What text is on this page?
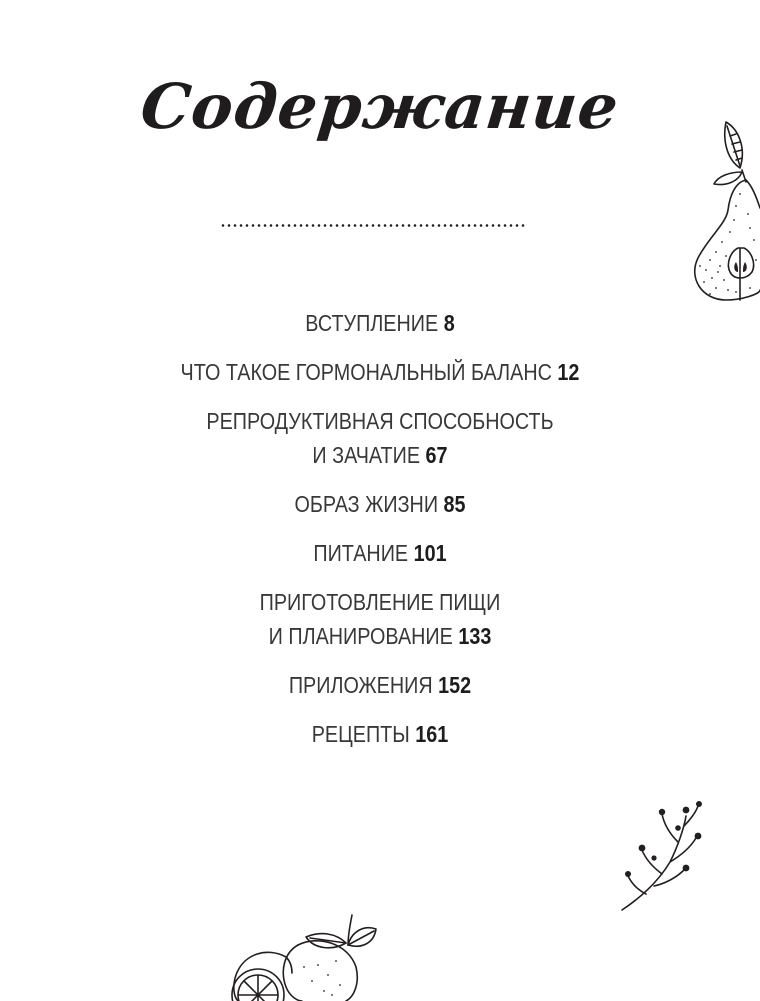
Содержание
ВСТУПЛЕНИЕ 8
ЧТО ТАКОЕ ГОРМОНАЛЬНЫЙ БАЛАНС 12
РЕПРОДУКТИВНАЯ СПОСОБНОСТЬ
И ЗАЧАТИЕ 67
ОБРАЗ ЖИЗНИ 85
ПИТАНИЕ 101
ПРИГОТОВЛЕНИЕ ПИЩИ
И ПЛАНИРОВАНИЕ 133
ПРИЛОЖЕНИЯ 152
РЕЦЕПТЫ 161
